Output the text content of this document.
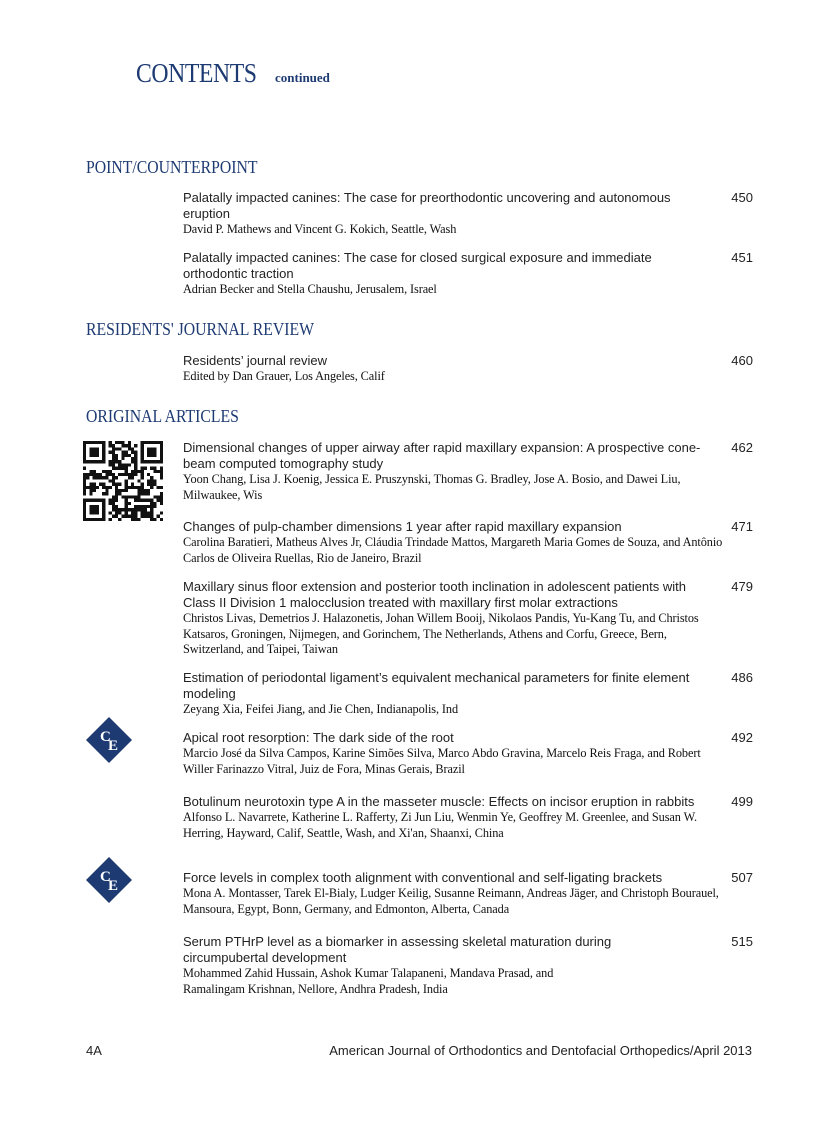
CONTENTS continued
POINT/COUNTERPOINT
RESIDENTS' JOURNAL REVIEW
ORIGINAL ARTICLES
Palatally impacted canines: The case for preorthodontic uncovering and autonomous eruption
David P. Mathews and Vincent G. Kokich, Seattle, Wash
450
Palatally impacted canines: The case for closed surgical exposure and immediate orthodontic traction
Adrian Becker and Stella Chaushu, Jerusalem, Israel
451
Residents’ journal review
Edited by Dan Grauer, Los Angeles, Calif
460
Dimensional changes of upper airway after rapid maxillary expansion: A prospective cone-beam computed tomography study
Yoon Chang, Lisa J. Koenig, Jessica E. Pruszynski, Thomas G. Bradley, Jose A. Bosio, and Dawei Liu, Milwaukee, Wis
462
Changes of pulp-chamber dimensions 1 year after rapid maxillary expansion
Carolina Baratieri, Matheus Alves Jr, Cláudia Trindade Mattos, Margareth Maria Gomes de Souza, and Antônio Carlos de Oliveira Ruellas, Rio de Janeiro, Brazil
471
Maxillary sinus floor extension and posterior tooth inclination in adolescent patients with Class II Division 1 malocclusion treated with maxillary first molar extractions
Christos Livas, Demetrios J. Halazonetis, Johan Willem Booij, Nikolaos Pandis, Yu-Kang Tu, and Christos Katsaros, Groningen, Nijmegen, and Gorinchem, The Netherlands, Athens and Corfu, Greece, Bern, Switzerland, and Taipei, Taiwan
479
Estimation of periodontal ligament’s equivalent mechanical parameters for finite element modeling
Zeyang Xia, Feifei Jiang, and Jie Chen, Indianapolis, Ind
486
C
E
Apical root resorption: The dark side of the root
Marcio José da Silva Campos, Karine Simões Silva, Marco Abdo Gravina, Marcelo Reis Fraga, and Robert Willer Farinazzo Vitral, Juiz de Fora, Minas Gerais, Brazil
492
Botulinum neurotoxin type A in the masseter muscle: Effects on incisor eruption in rabbits
Alfonso L. Navarrete, Katherine L. Rafferty, Zi Jun Liu, Wenmin Ye, Geoffrey M. Greenlee, and Susan W. Herring, Hayward, Calif, Seattle, Wash, and Xi'an, Shaanxi, China
499
C
E
Force levels in complex tooth alignment with conventional and self-ligating brackets
Mona A. Montasser, Tarek El-Bialy, Ludger Keilig, Susanne Reimann, Andreas Jäger, and Christoph Bourauel, Mansoura, Egypt, Bonn, Germany, and Edmonton, Alberta, Canada
507
Serum PTHrP level as a biomarker in assessing skeletal maturation during circumpubertal development
Mohammed Zahid Hussain, Ashok Kumar Talapaneni, Mandava Prasad, and Ramalingam Krishnan, Nellore, Andhra Pradesh, India
515
4A	American Journal of Orthodontics and Dentofacial Orthopedics/April 2013
